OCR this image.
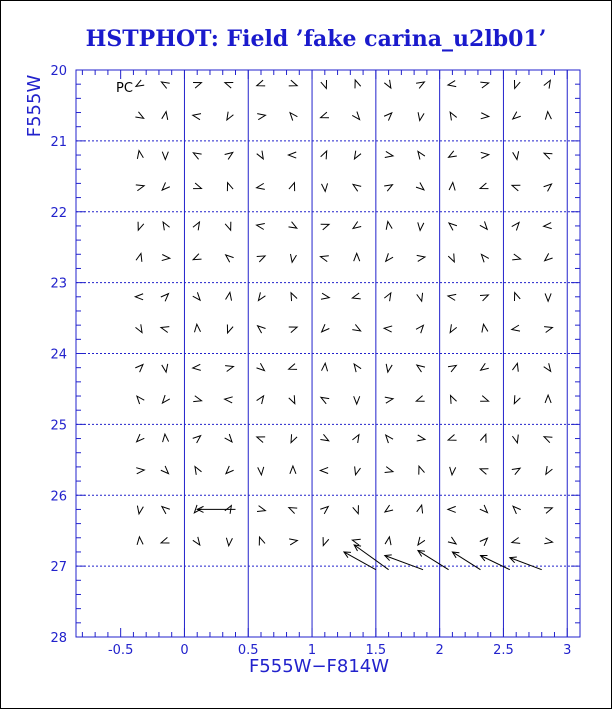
HSTPHOT: Field ’fake carina_u2lb01’
-0.5	0	0.5	1	1.5	2	2.5	3
20
21
22
23
24
25
26
27
28
PC
F555W−F814W
F555W
